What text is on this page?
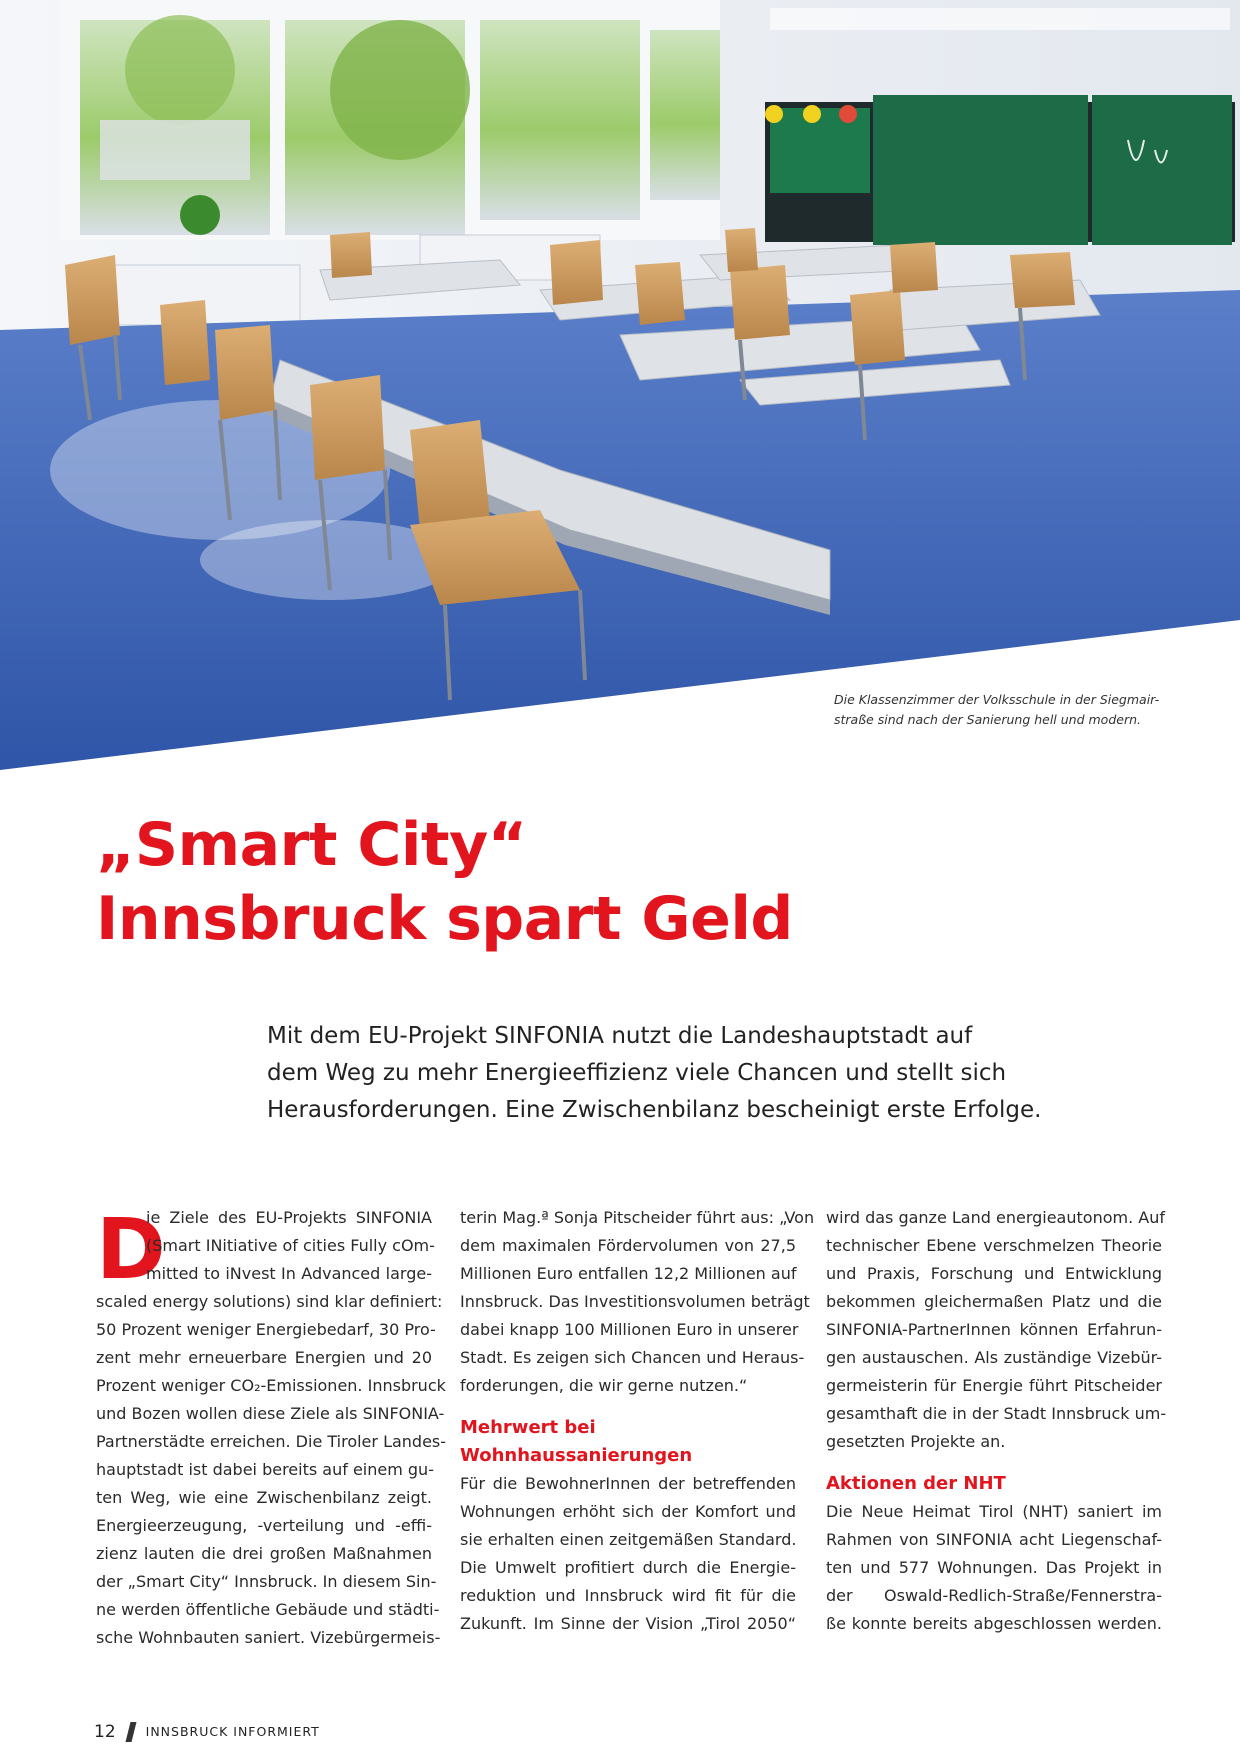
Die Klassenzimmer der Volksschule in der Siegmair-
straße sind nach der Sanierung hell und modern.
„Smart City“
Innsbruck spart Geld

Mit dem EU-Projekt SINFONIA nutzt die Landeshauptstadt auf
dem Weg zu mehr Energieeffizienz viele Chancen und stellt sich
Herausforderungen. Eine Zwischenbilanz bescheinigt erste Erfolge.

D
ie Ziele des EU-Projekts SINFONIA
(Smart INitiative of cities Fully cOm-
mitted to iNvest In Advanced large-
scaled energy solutions) sind klar definiert:
50 Prozent weniger Energiebedarf, 30 Pro-
zent mehr erneuerbare Energien und 20
Prozent weniger CO₂-Emissionen. Innsbruck
und Bozen wollen diese Ziele als SINFONIA-
Partnerstädte erreichen. Die Tiroler Landes-
hauptstadt ist dabei bereits auf einem gu-
ten Weg, wie eine Zwischenbilanz zeigt.
Energieerzeugung, -verteilung und -effi-
zienz lauten die drei großen Maßnahmen
der „Smart City“ Innsbruck. In diesem Sin-
ne werden öffentliche Gebäude und städti-
sche Wohnbauten saniert. Vizebürgermeis-
terin Mag.ª Sonja Pitscheider führt aus: „Von
dem maximalen Fördervolumen von 27,5
Millionen Euro entfallen 12,2 Millionen auf
Innsbruck. Das Investitionsvolumen beträgt
dabei knapp 100 Millionen Euro in unserer
Stadt. Es zeigen sich Chancen und Heraus-
forderungen, die wir gerne nutzen.“
Mehrwert bei
Wohnhaussanierungen
Für die BewohnerInnen der betreffenden
Wohnungen erhöht sich der Komfort und
sie erhalten einen zeitgemäßen Standard.
Die Umwelt profitiert durch die Energie-
reduktion und Innsbruck wird fit für die
Zukunft. Im Sinne der Vision „Tirol 2050“
wird das ganze Land energieautonom. Auf
technischer Ebene verschmelzen Theorie
und Praxis, Forschung und Entwicklung
bekommen gleichermaßen Platz und die
SINFONIA-PartnerInnen können Erfahrun-
gen austauschen. Als zuständige Vizebür-
germeisterin für Energie führt Pitscheider
gesamthaft die in der Stadt Innsbruck um-
gesetzten Projekte an.
Aktionen der NHT
Die Neue Heimat Tirol (NHT) saniert im
Rahmen von SINFONIA acht Liegenschaf-
ten und 577 Wohnungen. Das Projekt in
der Oswald-Redlich-Straße/Fennerstra-
ße konnte bereits abgeschlossen werden.
12 INNSBRUCK INFORMIERT
